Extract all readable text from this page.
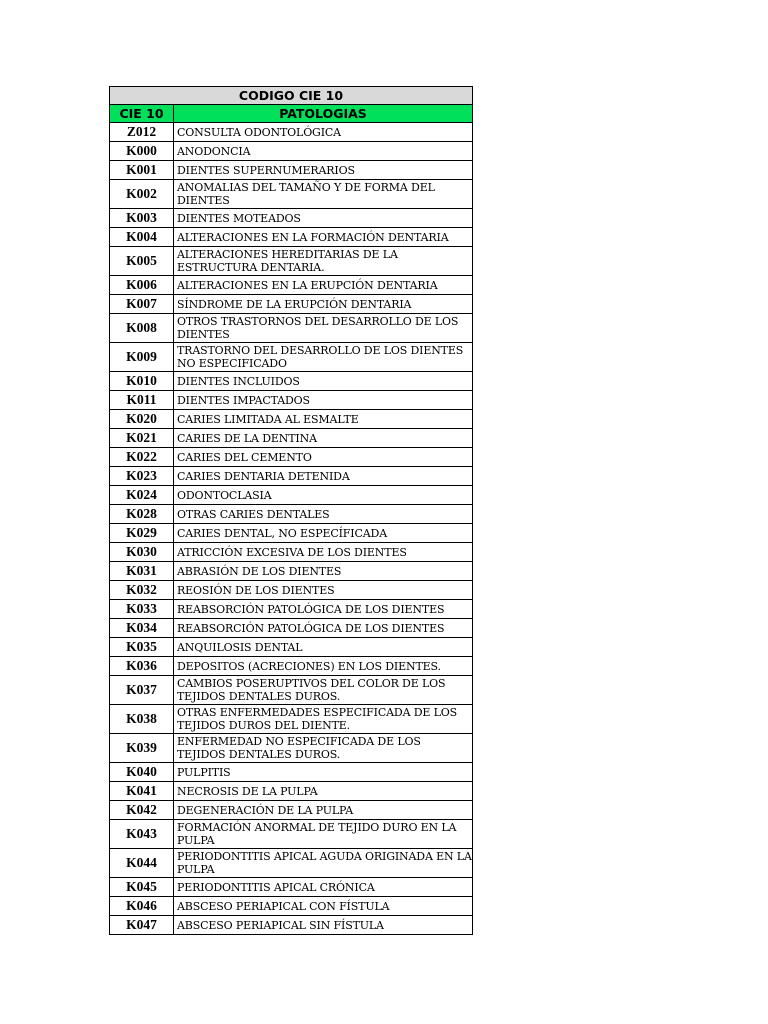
CODIGO CIE 10	
CIE 10	PATOLOGIAS
Z012	CONSULTA ODONTOLÓGICA
K000	ANODONCIA
K001	DIENTES SUPERNUMERARIOS
K002	ANOMALIAS DEL TAMAÑO Y DE FORMA DEL DIENTES
K003	DIENTES MOTEADOS
K004	ALTERACIONES EN LA FORMACIÓN DENTARIA
K005	ALTERACIONES HEREDITARIAS DE LA ESTRUCTURA DENTARIA.
K006	ALTERACIONES EN LA ERUPCIÓN DENTARIA
K007	SÍNDROME DE LA ERUPCIÓN DENTARIA
K008	OTROS TRASTORNOS DEL DESARROLLO DE LOS DIENTES
K009	TRASTORNO DEL DESARROLLO DE LOS DIENTES NO ESPECIFICADO
K010	DIENTES INCLUIDOS
K011	DIENTES IMPACTADOS
K020	CARIES LIMITADA AL ESMALTE
K021	CARIES DE LA DENTINA
K022	CARIES DEL CEMENTO
K023	CARIES DENTARIA DETENIDA
K024	ODONTOCLASIA
K028	OTRAS CARIES DENTALES
K029	CARIES DENTAL, NO ESPECÍFICADA
K030	ATRICCIÓN EXCESIVA DE LOS DIENTES
K031	ABRASIÓN DE LOS DIENTES
K032	REOSIÓN DE LOS DIENTES
K033	REABSORCIÓN PATOLÓGICA DE LOS DIENTES
K034	REABSORCIÓN PATOLÓGICA DE LOS DIENTES
K035	ANQUILOSIS DENTAL
K036	DEPOSITOS (ACRECIONES) EN LOS DIENTES.
K037	CAMBIOS POSERUPTIVOS DEL COLOR DE LOS TEJIDOS DENTALES DUROS.
K038	OTRAS ENFERMEDADES ESPECIFICADA DE LOS TEJIDOS DUROS DEL DIENTE.
K039	ENFERMEDAD NO ESPECIFICADA DE LOS TEJIDOS DENTALES DUROS.
K040	PULPITIS
K041	NECROSIS DE LA PULPA
K042	DEGENERACIÓN DE LA PULPA
K043	FORMACIÓN ANORMAL DE TEJIDO DURO EN LA PULPA
K044	PERIODONTITIS APICAL AGUDA ORIGINADA EN LA PULPA
K045	PERIODONTITIS APICAL CRÓNICA
K046	ABSCESO PERIAPICAL CON FÍSTULA
K047	ABSCESO PERIAPICAL SIN FÍSTULA
